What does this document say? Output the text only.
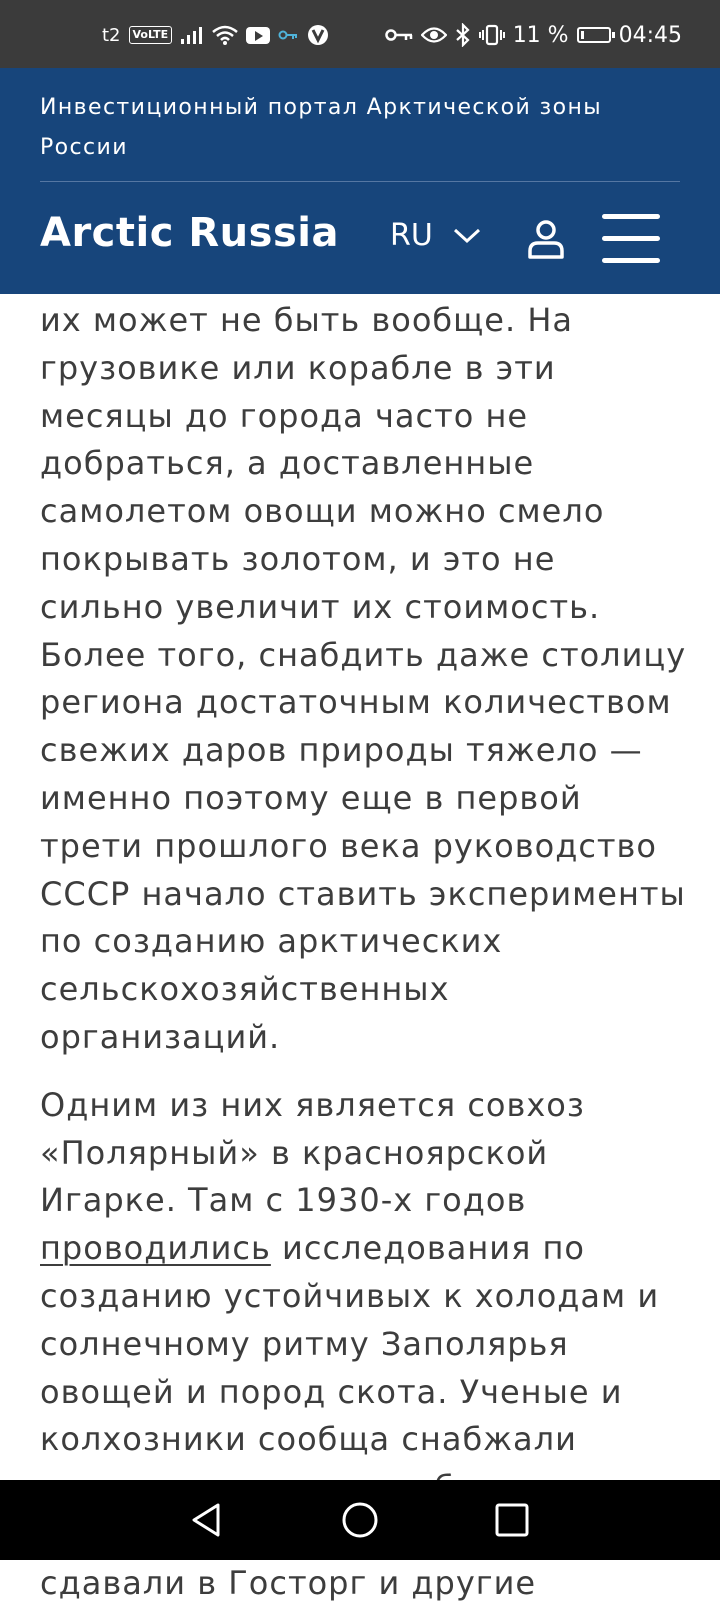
t2	VoLTE	11 % 04:45
Инвестиционный портал Арктической зоны России
Arctic Russia RU

их может не быть вообще. На грузовике или корабле в эти месяцы до города часто не добраться, а доставленные самолетом овощи можно смело покрывать золотом, и это не сильно увеличит их стоимость. Более того, снабдить даже столицу региона достаточным количеством свежих даров природы тяжело — именно поэтому еще в первой трети прошлого века руководство СССР начало ставить эксперименты по созданию арктических сельскохозяйственных организаций.

Одним из них является совхоз «Полярный» в красноярской Игарке. Там с 1930-х годов проводились исследования по созданию устойчивых к холодам и солнечному ритму Заполярья овощей и пород скота. Ученые и колхозники сообща снабжали сдавали в Госторг и другие
